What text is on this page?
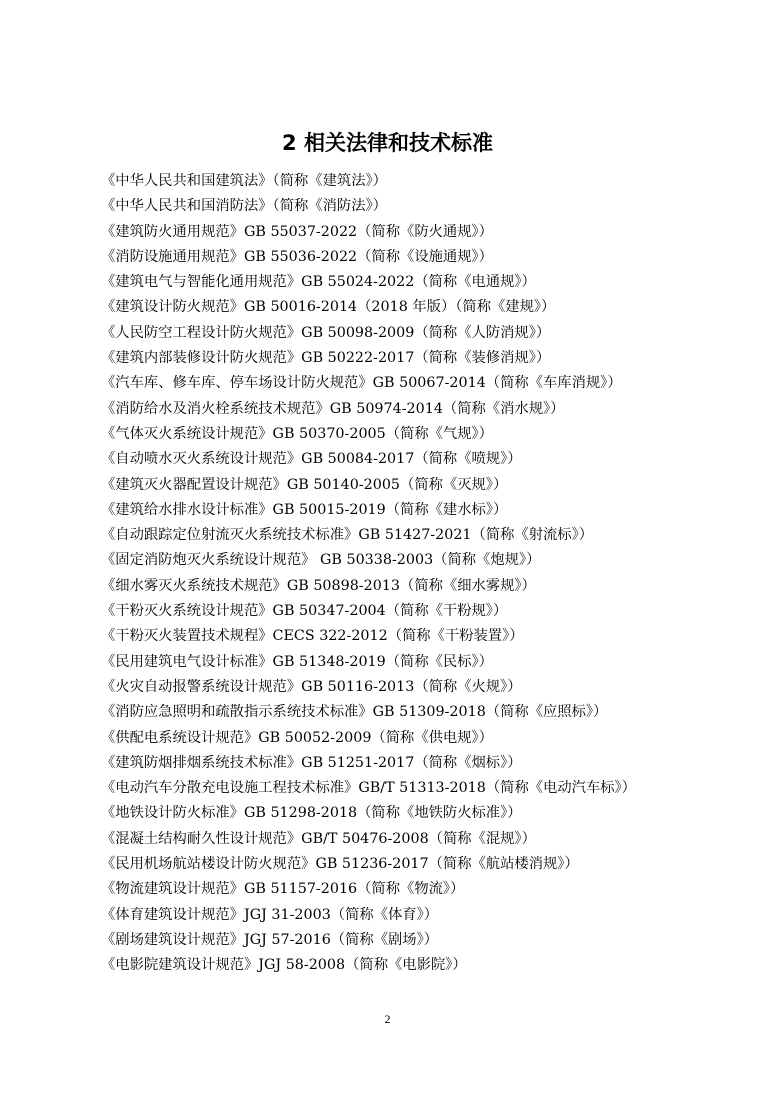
2 相关法律和技术标准
《中华人民共和国建筑法》（简称《建筑法》）
《中华人民共和国消防法》（简称《消防法》）
《建筑防火通用规范》GB 55037-2022（简称《防火通规》）
《消防设施通用规范》GB 55036-2022（简称《设施通规》）
《建筑电气与智能化通用规范》GB 55024-2022（简称《电通规》）
《建筑设计防火规范》GB 50016-2014（2018 年版）（简称《建规》）
《人民防空工程设计防火规范》GB 50098-2009（简称《人防消规》）
《建筑内部装修设计防火规范》GB 50222-2017（简称《装修消规》）
《汽车库、修车库、停车场设计防火规范》GB 50067-2014（简称《车库消规》）
《消防给水及消火栓系统技术规范》GB 50974-2014（简称《消水规》）
《气体灭火系统设计规范》GB 50370-2005（简称《气规》）
《自动喷水灭火系统设计规范》GB 50084-2017（简称《喷规》）
《建筑灭火器配置设计规范》GB 50140-2005（简称《灭规》）
《建筑给水排水设计标准》GB 50015-2019（简称《建水标》）
《自动跟踪定位射流灭火系统技术标准》GB 51427-2021（简称《射流标》）
《固定消防炮灭火系统设计规范》 GB 50338-2003（简称《炮规》）
《细水雾灭火系统技术规范》GB 50898-2013（简称《细水雾规》）
《干粉灭火系统设计规范》GB 50347-2004（简称《干粉规》）
《干粉灭火装置技术规程》CECS 322-2012（简称《干粉装置》）
《民用建筑电气设计标准》GB 51348-2019（简称《民标》）
《火灾自动报警系统设计规范》GB 50116-2013（简称《火规》）
《消防应急照明和疏散指示系统技术标准》GB 51309-2018（简称《应照标》）
《供配电系统设计规范》GB 50052-2009（简称《供电规》）
《建筑防烟排烟系统技术标准》GB 51251-2017（简称《烟标》）
《电动汽车分散充电设施工程技术标准》GB/T 51313-2018（简称《电动汽车标》）
《地铁设计防火标准》GB 51298-2018（简称《地铁防火标准》）
《混凝土结构耐久性设计规范》GB/T 50476-2008（简称《混规》）
《民用机场航站楼设计防火规范》GB 51236-2017（简称《航站楼消规》）
《物流建筑设计规范》GB 51157-2016（简称《物流》）
《体育建筑设计规范》JGJ 31-2003（简称《体育》）
《剧场建筑设计规范》JGJ 57-2016（简称《剧场》）
《电影院建筑设计规范》JGJ 58-2008（简称《电影院》）
2
